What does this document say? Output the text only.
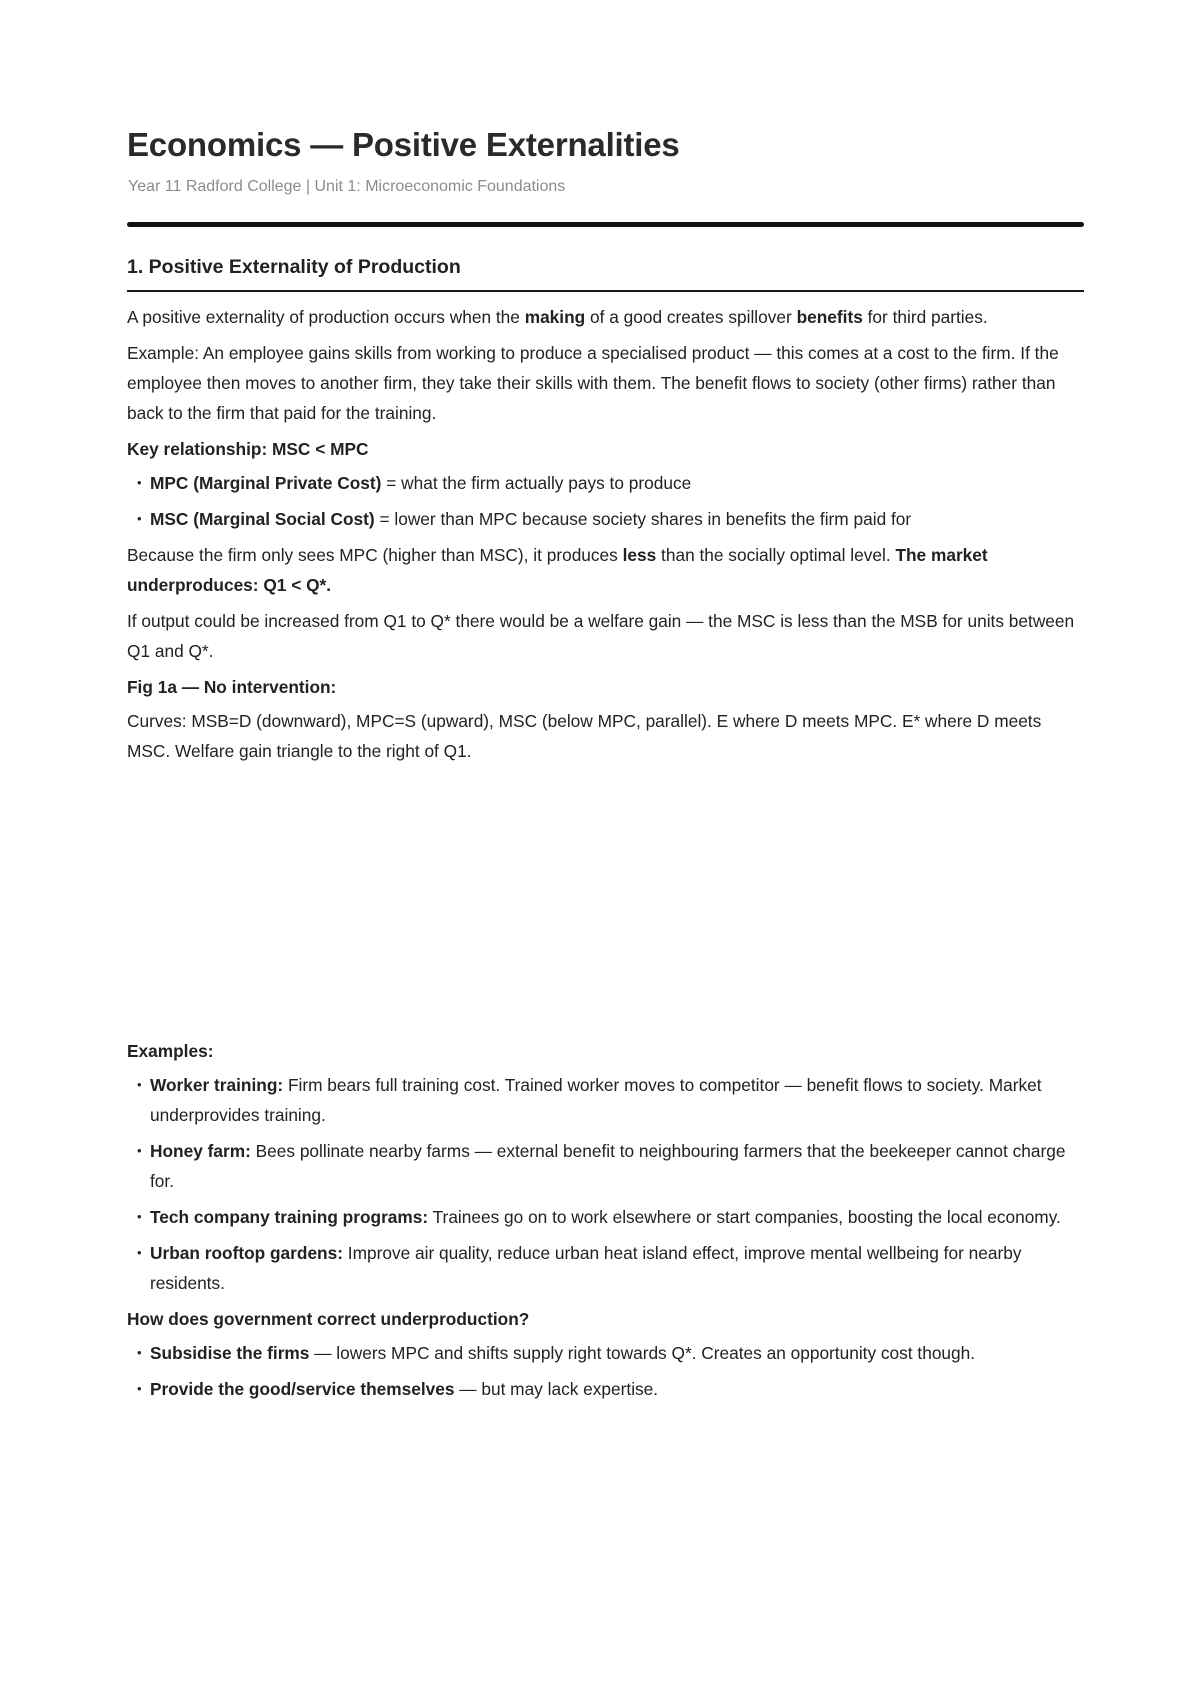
Economics — Positive Externalities
Year 11 Radford College | Unit 1: Microeconomic Foundations
1. Positive Externality of Production

A positive externality of production occurs when the making of a good creates spillover benefits for third parties.

Example: An employee gains skills from working to produce a specialised product — this comes at a cost to the firm. If the employee then moves to another firm, they take their skills with them. The benefit flows to society (other firms) rather than back to the firm that paid for the training.

Key relationship: MSC < MPC
• MPC (Marginal Private Cost) = what the firm actually pays to produce
• MSC (Marginal Social Cost) = lower than MPC because society shares in benefits the firm paid for

Because the firm only sees MPC (higher than MSC), it produces less than the socially optimal level. The market underproduces: Q1 < Q*.

If output could be increased from Q1 to Q* there would be a welfare gain — the MSC is less than the MSB for units between Q1 and Q*.

Fig 1a — No intervention:

Curves: MSB=D (downward), MPC=S (upward), MSC (below MPC, parallel). E where D meets MPC. E* where D meets MSC. Welfare gain triangle to the right of Q1.

Examples:
• Worker training: Firm bears full training cost. Trained worker moves to competitor — benefit flows to society. Market underprovides training.
• Honey farm: Bees pollinate nearby farms — external benefit to neighbouring farmers that the beekeeper cannot charge for.
• Tech company training programs: Trainees go on to work elsewhere or start companies, boosting the local economy.
• Urban rooftop gardens: Improve air quality, reduce urban heat island effect, improve mental wellbeing for nearby residents.
How does government correct underproduction?
• Subsidise the firms — lowers MPC and shifts supply right towards Q*. Creates an opportunity cost though.
• Provide the good/service themselves — but may lack expertise.
